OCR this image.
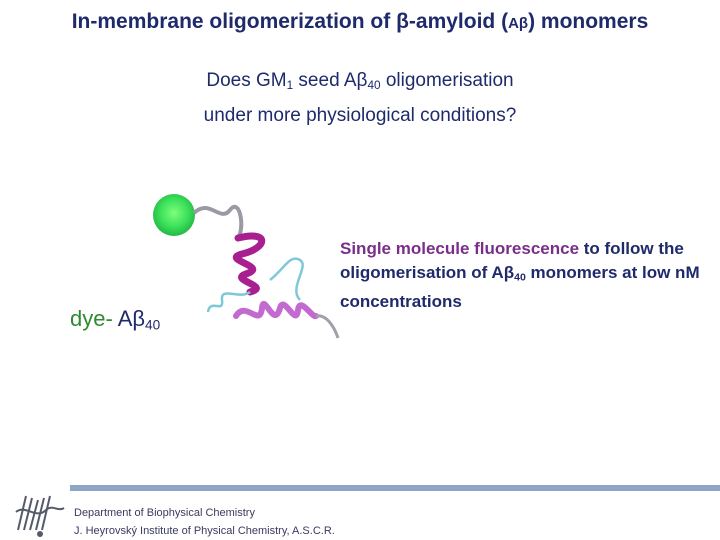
In-membrane oligomerization of β-amyloid (Aβ) monomers
Does $GM_1$ seed $A\beta_{40}$ oligomerisation
under more physiological conditions?
dye- $A\beta_{40}$
Single molecule fluorescence to follow the oligomerisation of $A\beta_{40}$ monomers at low nM concentrations
Department of Biophysical Chemistry
J. Heyrovský Institute of Physical Chemistry, A.S.C.R.
